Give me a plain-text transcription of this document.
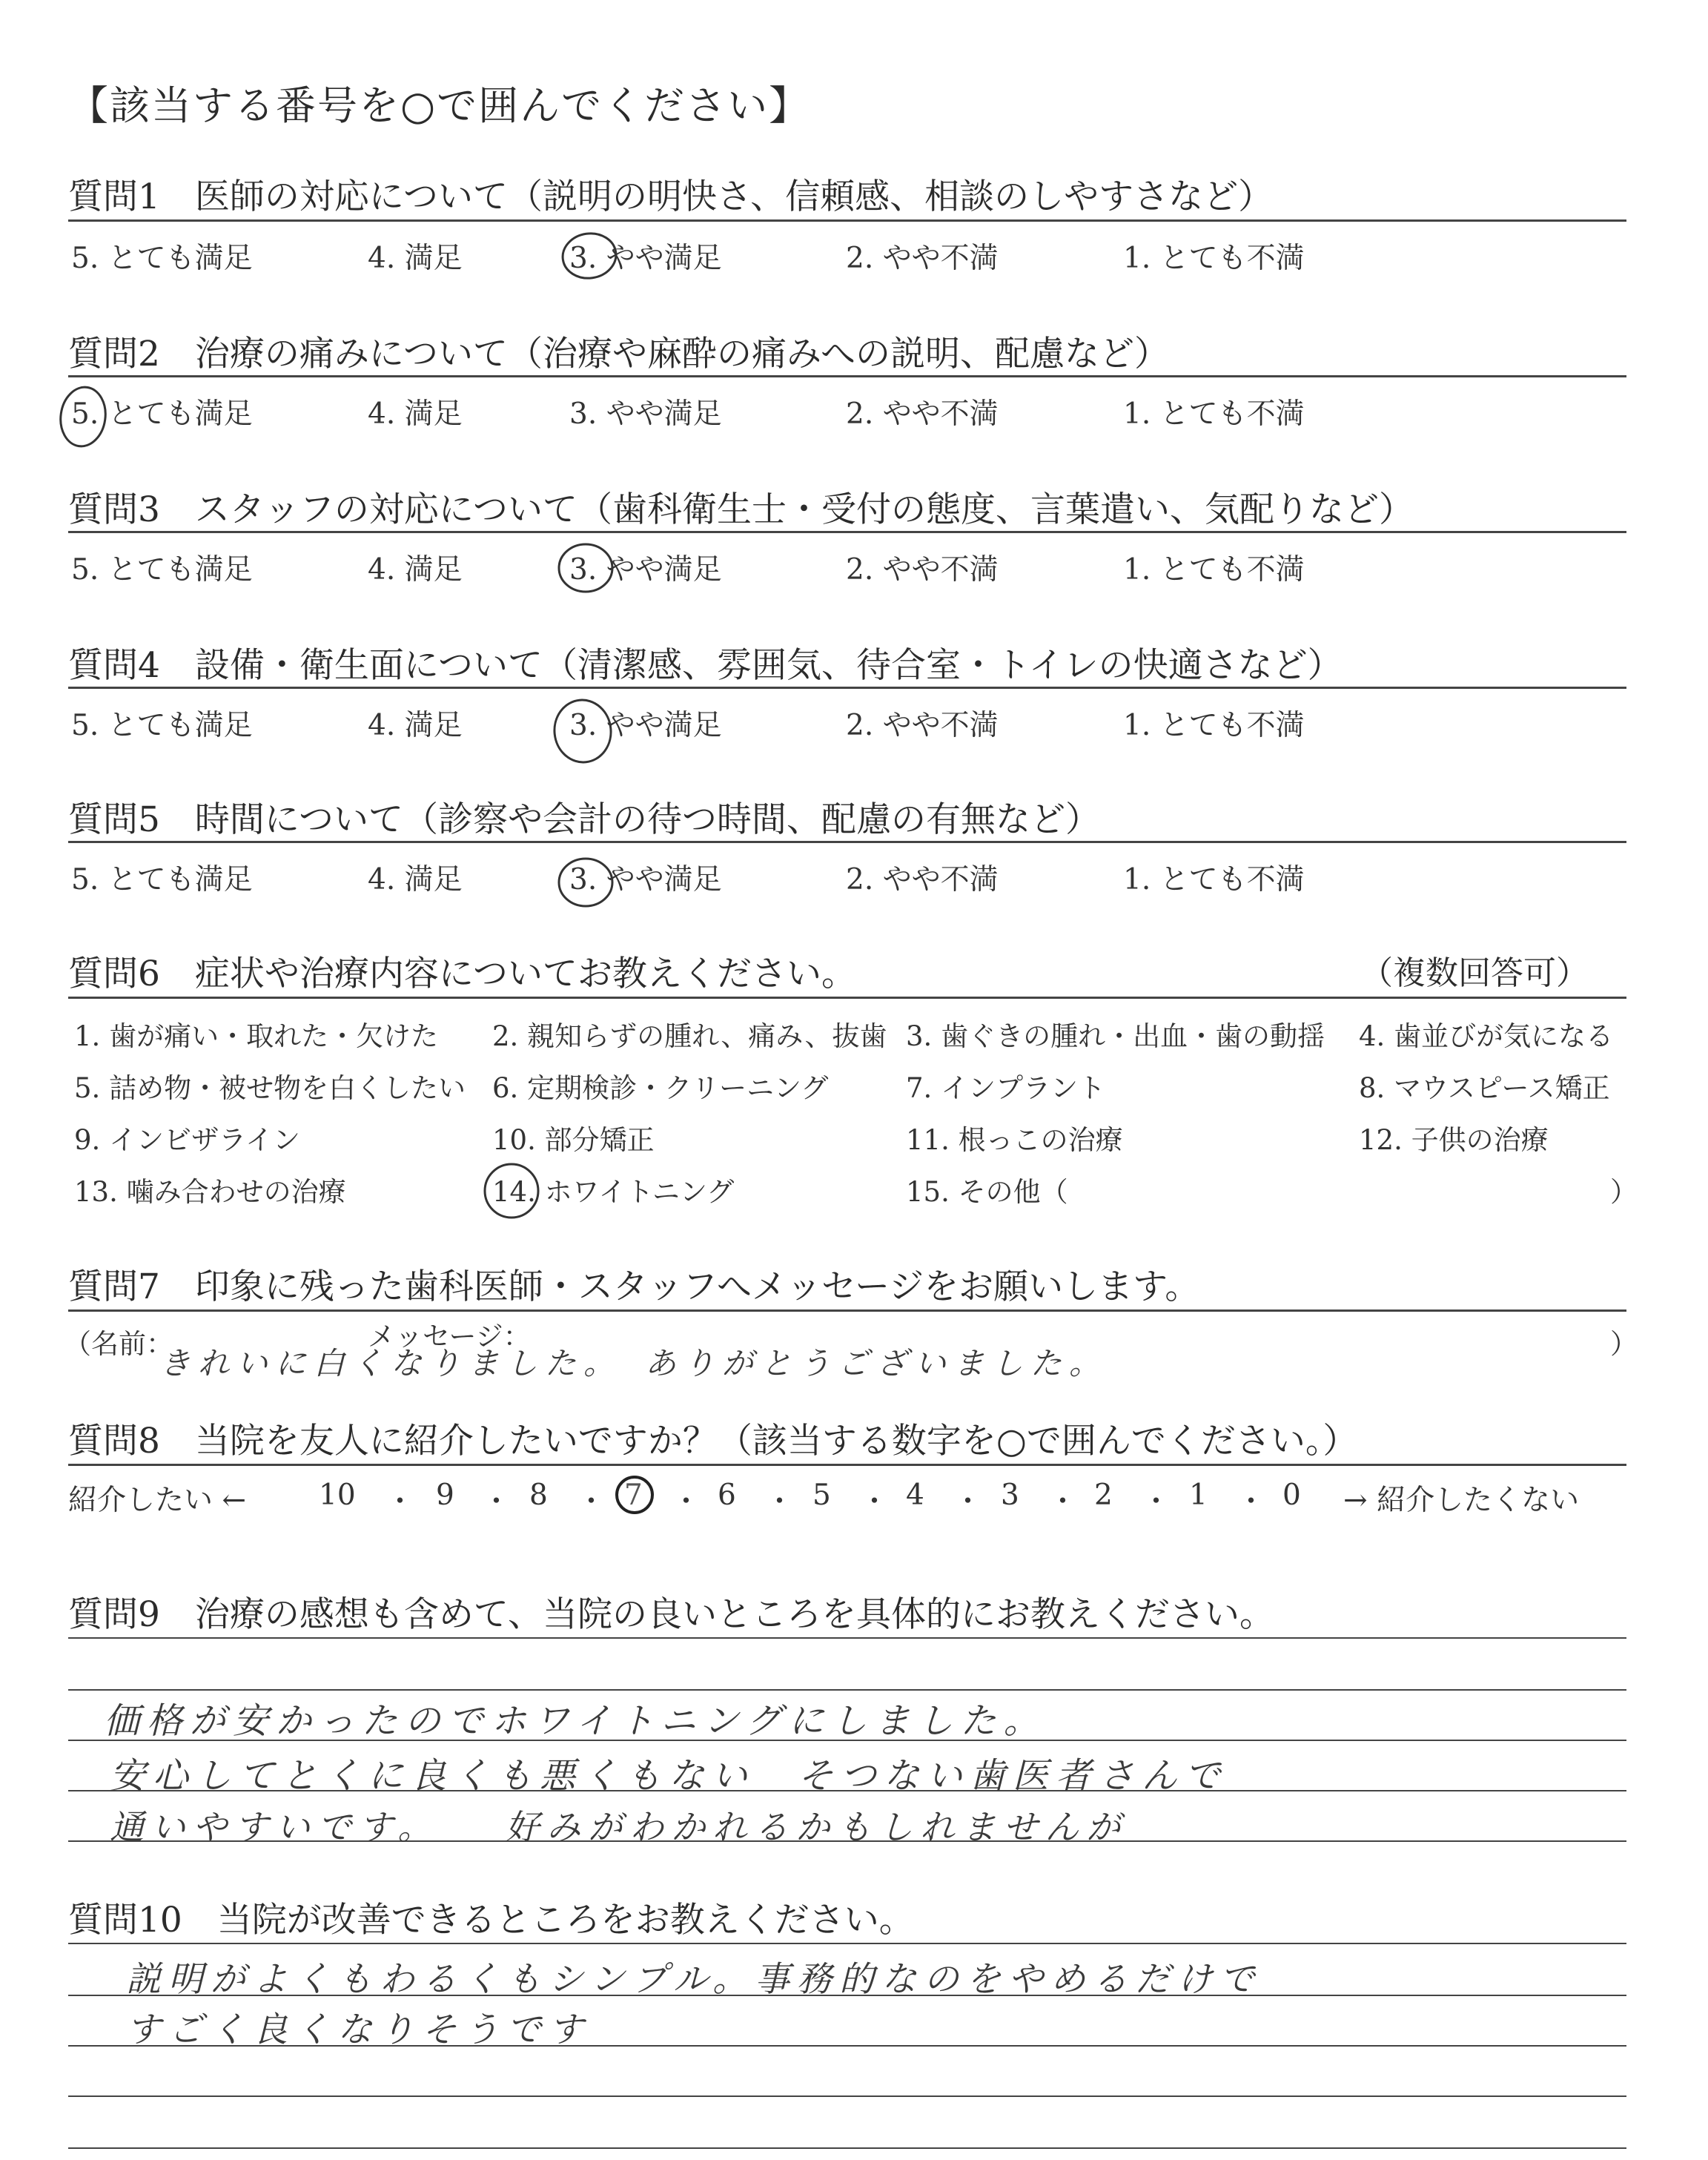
【該当する番号を○で囲んでください】
質問1　医師の対応について（説明の明快さ、信頼感、相談のしやすさなど）
5. とても満足	4. 満足	3. やや満足	2. やや不満	1. とても不満
質問2　治療の痛みについて（治療や麻酔の痛みへの説明、配慮など）
5. とても満足	4. 満足	3. やや満足	2. やや不満	1. とても不満
質問3　スタッフの対応について（歯科衛生士・受付の態度、言葉遣い、気配りなど）
5. とても満足	4. 満足	3. やや満足	2. やや不満	1. とても不満
質問4　設備・衛生面について（清潔感、雰囲気、待合室・トイレの快適さなど）
5. とても満足	4. 満足	3. やや満足	2. やや不満	1. とても不満
質問5　時間について（診察や会計の待つ時間、配慮の有無など）
5. とても満足	4. 満足	3. やや満足	2. やや不満	1. とても不満
質問6　症状や治療内容についてお教えください。	（複数回答可）
1. 歯が痛い・取れた・欠けた 2. 親知らずの腫れ、痛み、抜歯 3. 歯ぐきの腫れ・出血・歯の動揺 4. 歯並びが気になる
5. 詰め物・被せ物を白くしたい 6. 定期検診・クリーニング	7. インプラント	8. マウスピース矯正
9. インビザライン	10. 部分矯正	11. 根っこの治療	12. 子供の治療
13. 噛み合わせの治療	14. ホワイトニング	15. その他（	）
質問7　印象に残った歯科医師・スタッフへメッセージをお願いします。
（名前：	メッセージ：	）
きれいに白くなりました。　ありがとうございました。
質問8　当院を友人に紹介したいですか？（該当する数字を○で囲んでください。）
紹介したい ←	→ 紹介したくない
10	9	8	7	6	5	4	3	2	1	0
質問9　治療の感想も含めて、当院の良いところを具体的にお教えください。
価格が安かったのでホワイトニングにしました。
安心してとくに良くも悪くもない　そつない歯医者さんで
通いやすいです。　　好みがわかれるかもしれませんが
質問10　当院が改善できるところをお教えください。
説明がよくもわるくもシンプル。事務的なのをやめるだけで
すごく良くなりそうです
・ ・ ・ ・ ・ ・ ・ ・ ・ ・
